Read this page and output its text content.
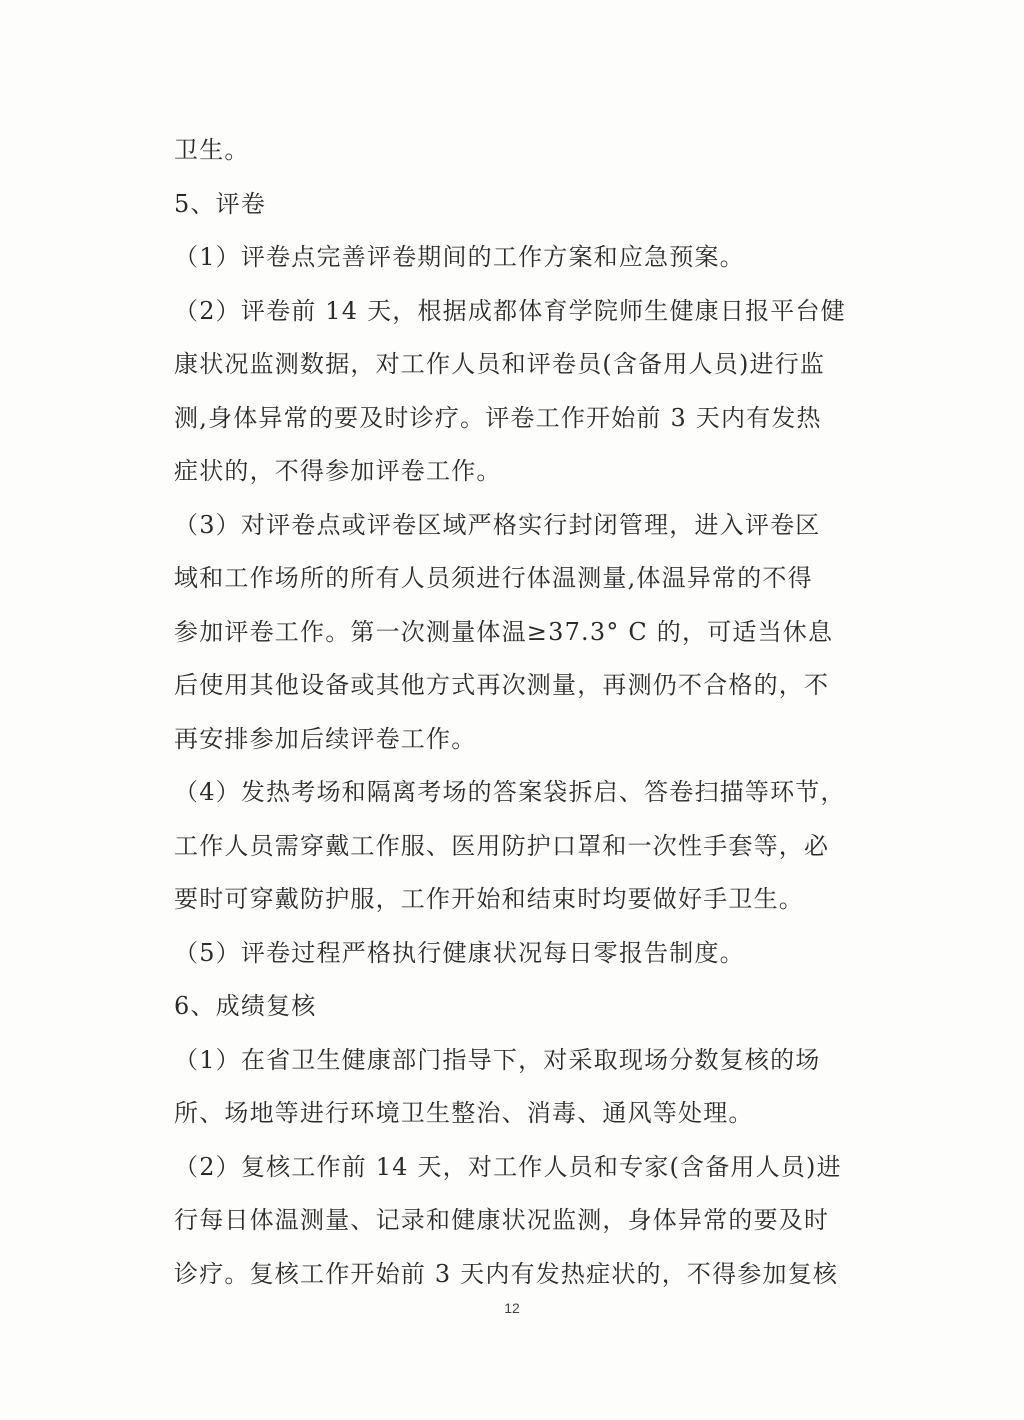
卫生。
5、评卷
（1）评卷点完善评卷期间的工作方案和应急预案。
（2）评卷前 14 天，根据成都体育学院师生健康日报平台健
康状况监测数据，对工作人员和评卷员(含备用人员)进行监
测,身体异常的要及时诊疗。评卷工作开始前 3 天内有发热
症状的，不得参加评卷工作。
（3）对评卷点或评卷区域严格实行封闭管理，进入评卷区
域和工作场所的所有人员须进行体温测量,体温异常的不得
参加评卷工作。第一次测量体温≥37.3° C 的，可适当休息
后使用其他设备或其他方式再次测量，再测仍不合格的，不
再安排参加后续评卷工作。
（4）发热考场和隔离考场的答案袋拆启、答卷扫描等环节，
工作人员需穿戴工作服、医用防护口罩和一次性手套等，必
要时可穿戴防护服，工作开始和结束时均要做好手卫生。
（5）评卷过程严格执行健康状况每日零报告制度。
6、成绩复核
（1）在省卫生健康部门指导下，对采取现场分数复核的场
所、场地等进行环境卫生整治、消毒、通风等处理。
（2）复核工作前 14 天，对工作人员和专家(含备用人员)进
行每日体温测量、记录和健康状况监测，身体异常的要及时
诊疗。复核工作开始前 3 天内有发热症状的，不得参加复核
12
